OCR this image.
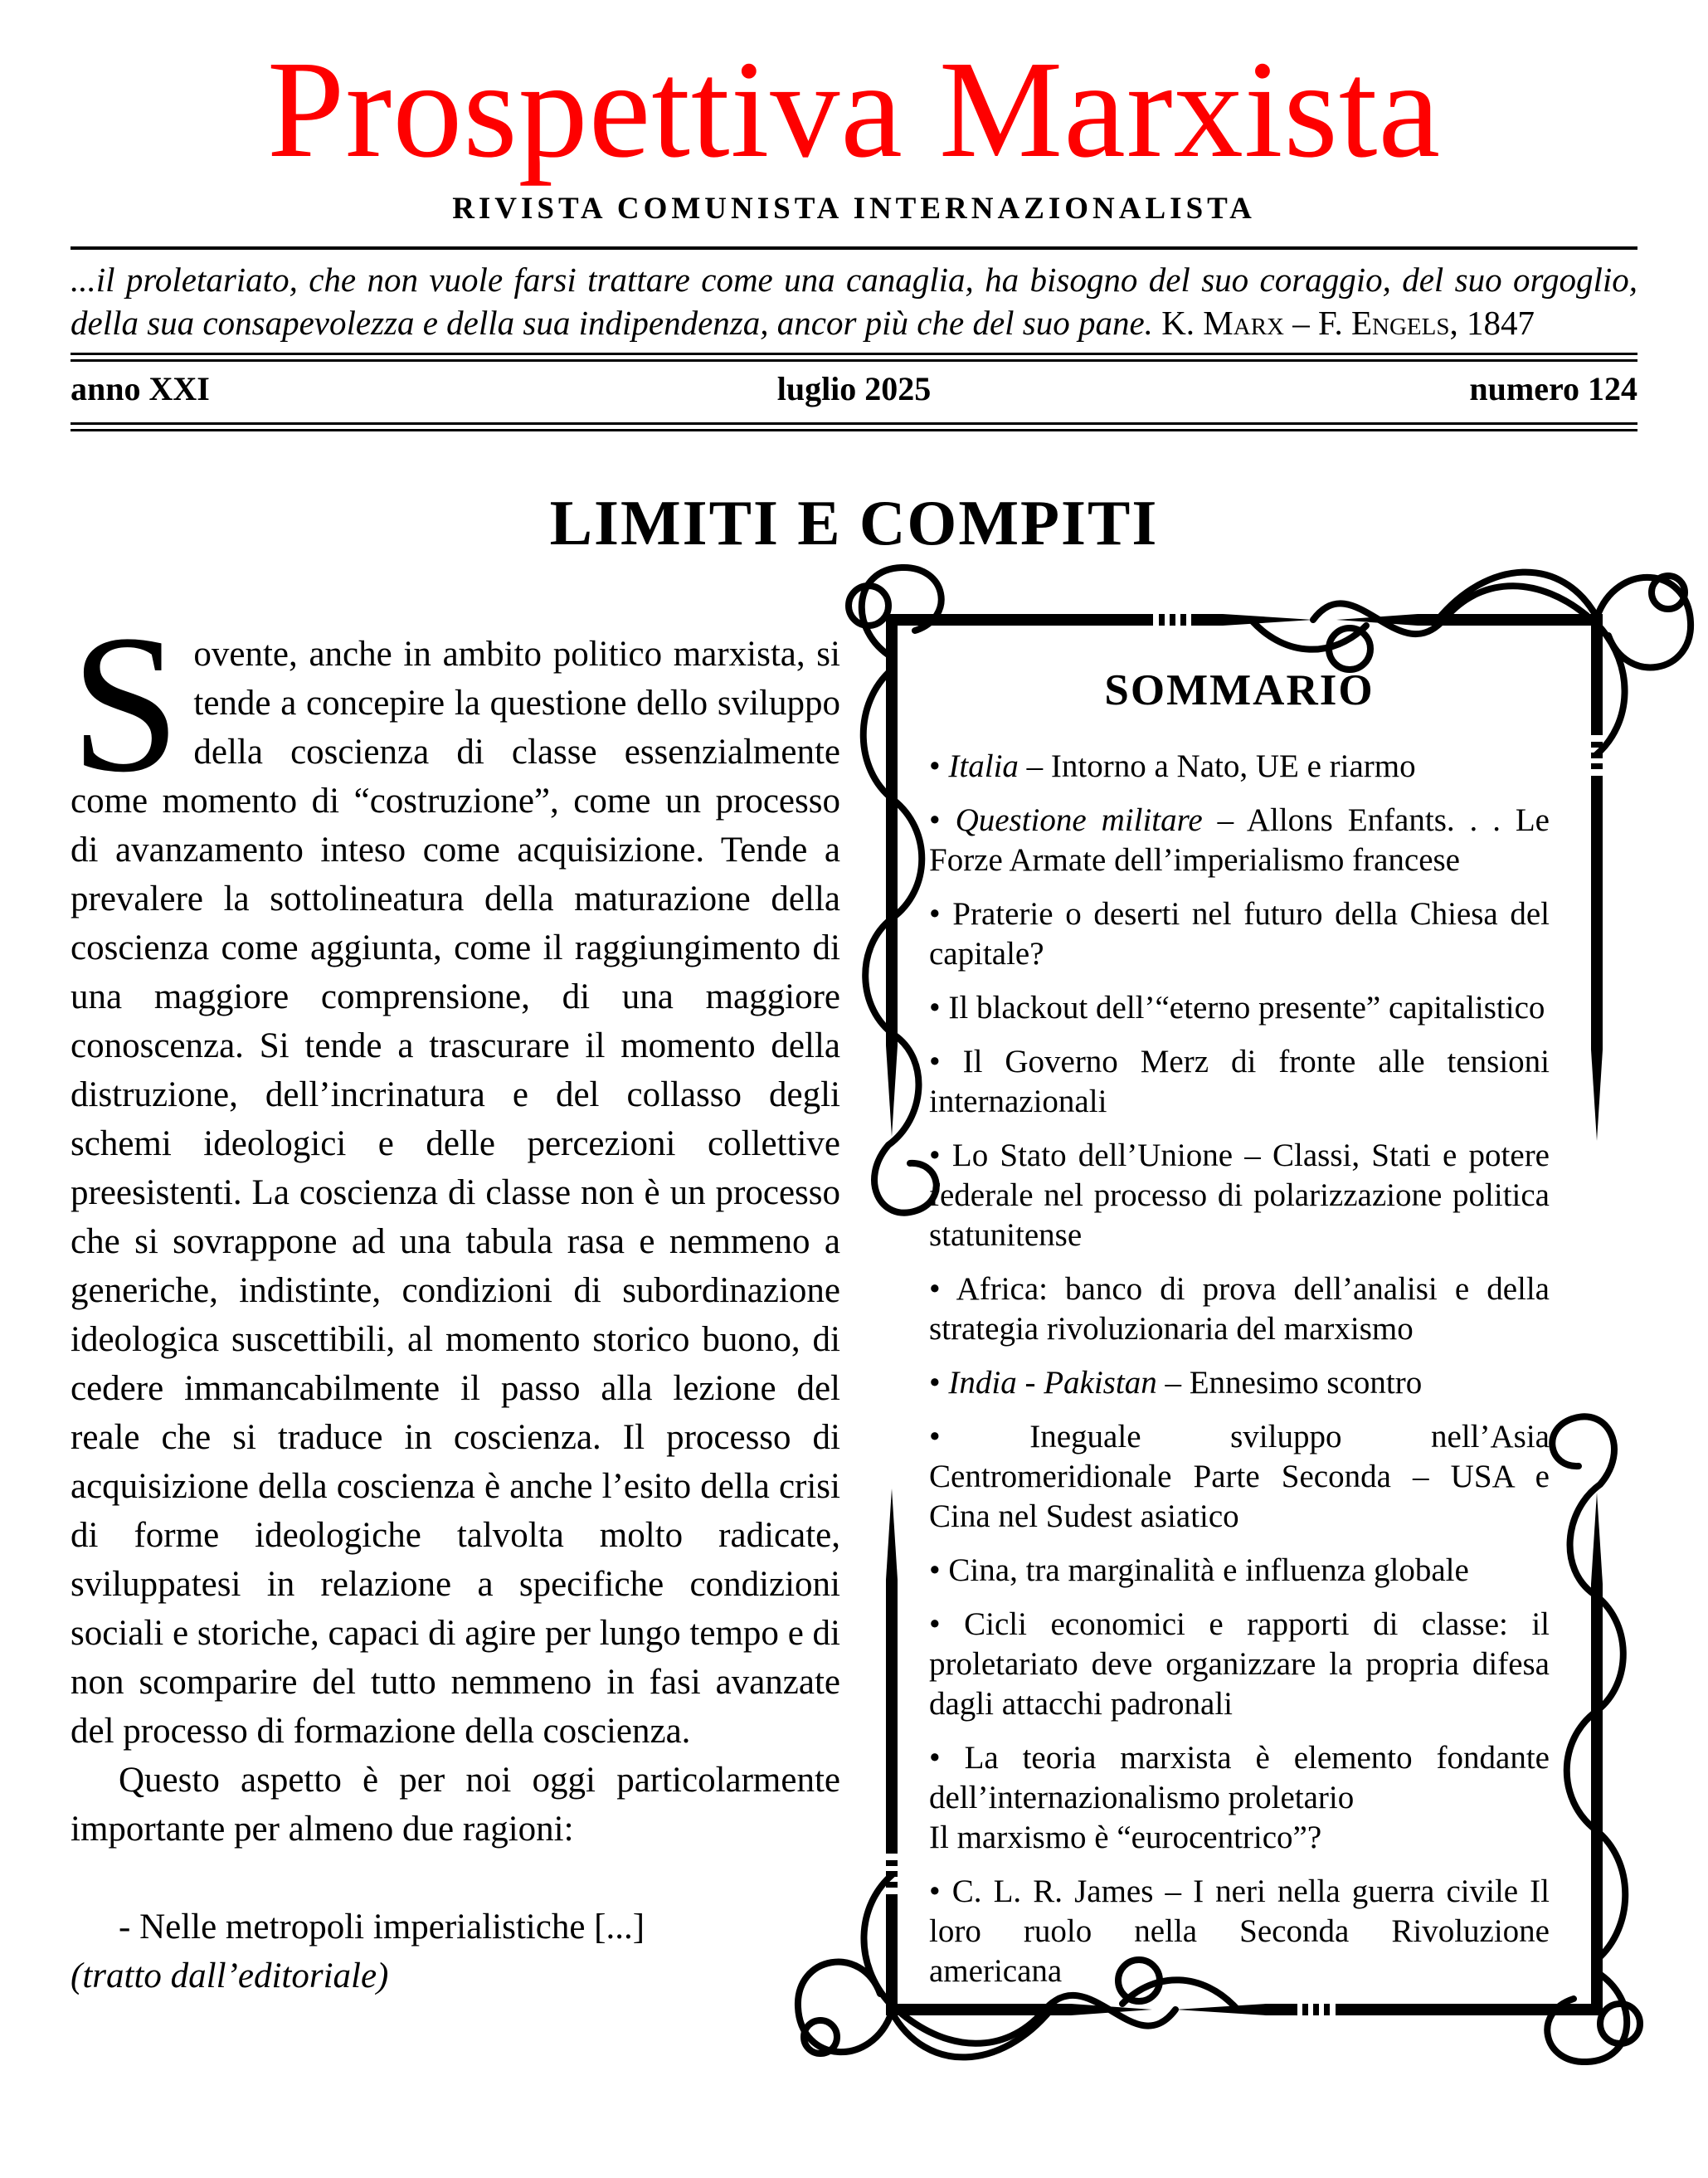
Prospettiva Marxista
RIVISTA COMUNISTA INTERNAZIONALISTA

...il proletariato, che non vuole farsi trattare come una canaglia, ha bisogno del suo coraggio, del suo orgoglio, della sua consapevolezza e della sua indipendenza, ancor più che del suo pane. K. Marx – F. Engels, 1847

anno XXI	luglio 2025	numero 124
LIMITI E COMPITI

Sovente, anche in ambito politico marxista, si tende a concepire la questione dello sviluppo della coscienza di classe essenzialmente come momento di “costruzione”, come un processo di avanzamento inteso come acquisizione. Tende a prevalere la sottolineatura della maturazione della coscienza come aggiunta, come il raggiungimento di una maggiore comprensione, di una maggiore conoscenza. Si tende a trascurare il momento della distruzione, dell’incrinatura e del collasso degli schemi ideologici e delle percezioni collettive preesistenti. La coscienza di classe non è un processo che si sovrappone ad una tabula rasa e nemmeno a generiche, indistinte, condizioni di subordinazione ideologica suscettibili, al momento storico buono, di cedere immancabilmente il passo alla lezione del reale che si traduce in coscienza. Il processo di acquisizione della coscienza è anche l’esito della crisi di forme ideologiche talvolta molto radicate, sviluppatesi in relazione a specifiche condizioni sociali e storiche, capaci di agire per lungo tempo e di non scomparire del tutto nemmeno in fasi avanzate del processo di formazione della coscienza.

Questo aspetto è per noi oggi particolarmente importante per almeno due ragioni:

- Nelle metropoli imperialistiche [...]

(tratto dall’editoriale)

SOMMARIO
• Italia – Intorno a Nato, UE e riarmo
• Questione militare – Allons Enfants. . . Le Forze Armate dell’imperialismo francese
• Praterie o deserti nel futuro della Chiesa del capitale?
• Il blackout dell’“eterno presente” capitalistico
• Il Governo Merz di fronte alle tensioni internazionali
• Lo Stato dell’Unione – Classi, Stati e potere federale nel processo di polarizzazione politica statunitense
• Africa: banco di prova dell’analisi e della strategia rivoluzionaria del marxismo
• India - Pakistan – Ennesimo scontro
• Ineguale sviluppo nell’Asia Centromeridionale Parte Seconda – USA e Cina nel Sudest asiatico
• Cina, tra marginalità e influenza globale
• Cicli economici e rapporti di classe: il proletariato deve organizzare la propria difesa dagli attacchi padronali
• La teoria marxista è elemento fondante dell’internazionalismo proletario
Il marxismo è “eurocentrico”?
• C. L. R. James – I neri nella guerra civile Il loro ruolo nella Seconda Rivoluzione americana
